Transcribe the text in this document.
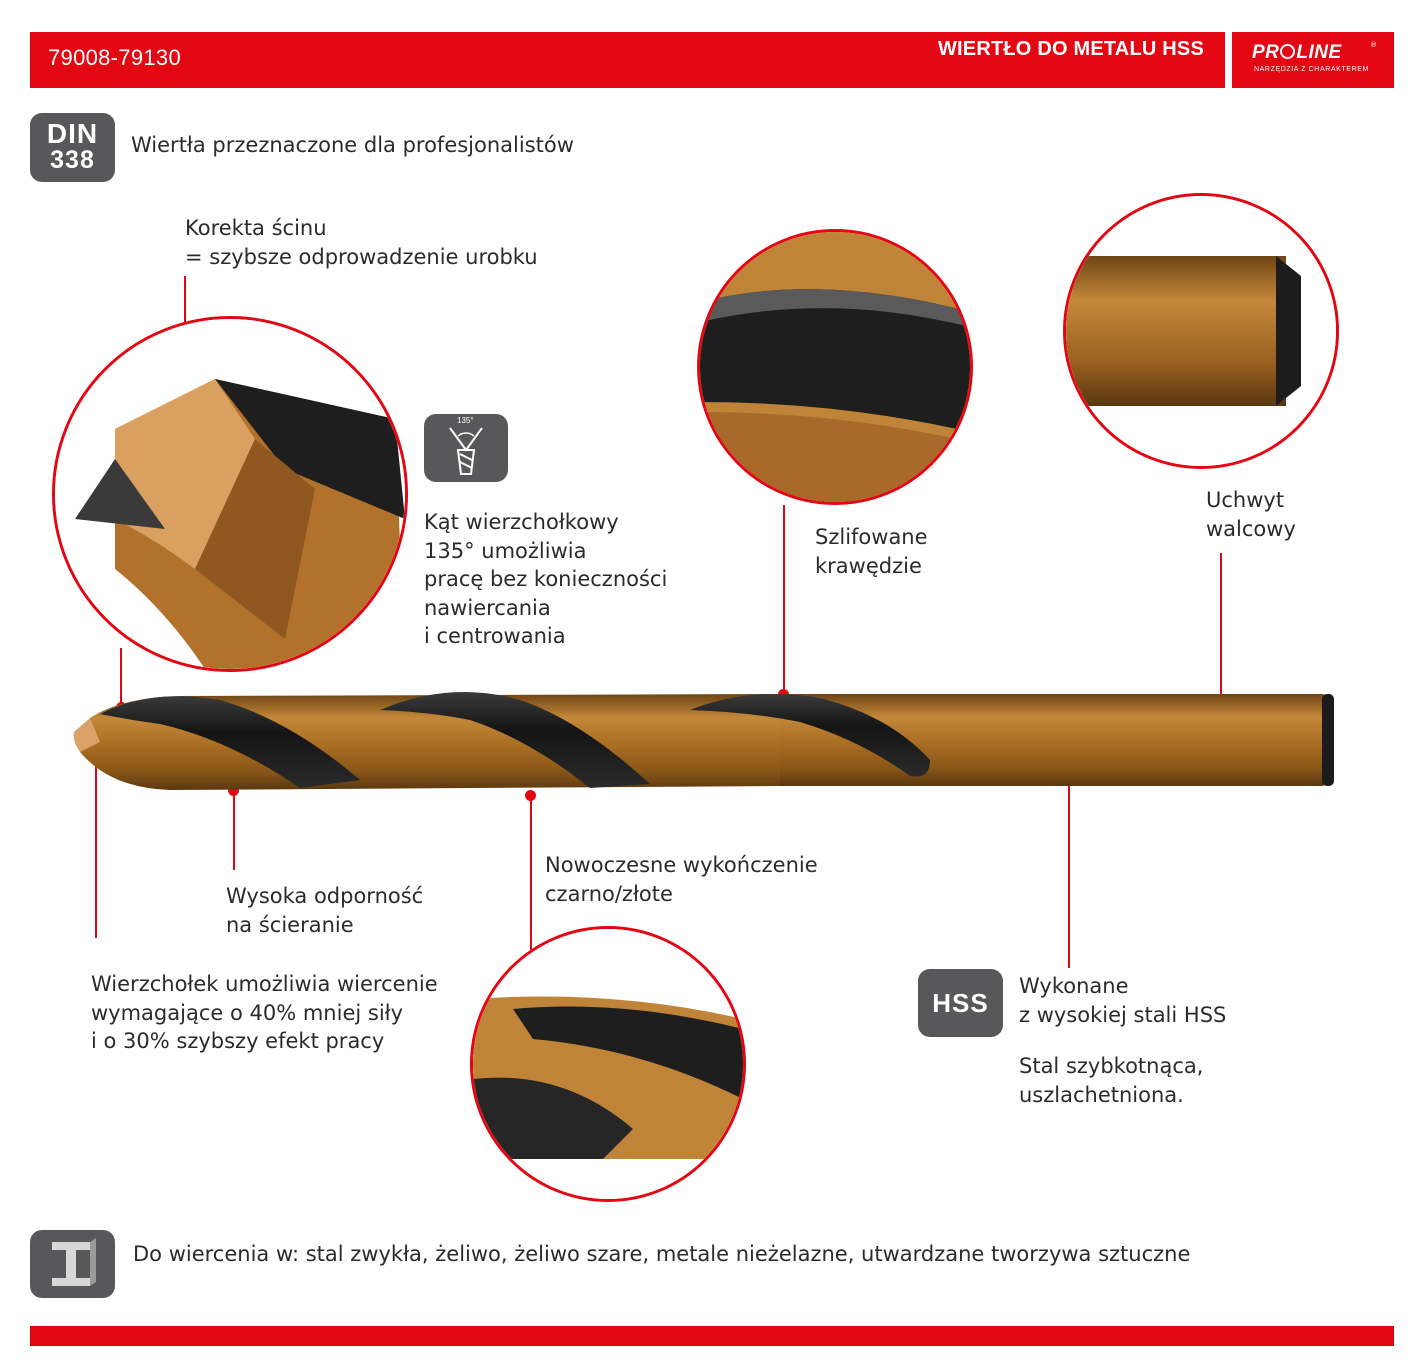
79008-79130	WIERTŁO DO METALU HSS	PR LINE	®
NARZĘDZIA Z CHARAKTEREM
DIN
338
Wiertła przeznaczone dla profesjonalistów
Korekta ścinu
= szybsze odprowadzenie urobku
135°
Kąt wierzchołkowy
135° umożliwia
pracę bez konieczności
nawiercania
i centrowania
Szlifowane
krawędzie
Uchwyt
walcowy
Wysoka odporność
na ścieranie
Nowoczesne wykończenie
czarno/złote
Wierzchołek umożliwia wiercenie
wymagające o 40% mniej siły
i o 30% szybszy efekt pracy
HSS
Wykonane
z wysokiej stali HSS
Stal szybkotnąca,
uszlachetniona.
Do wiercenia w: stal zwykła, żeliwo, żeliwo szare, metale nieżelazne, utwardzane tworzywa sztuczne
